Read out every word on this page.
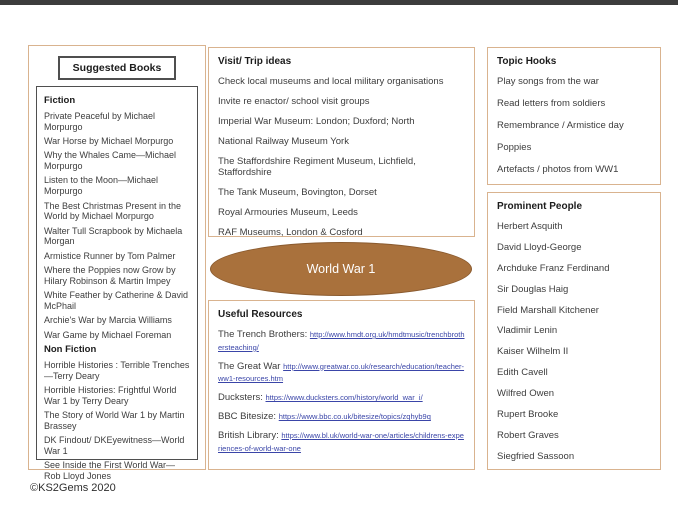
Suggested Books
Fiction
Private Peaceful by Michael Morpurgo
War Horse by Michael Morpurgo
Why the Whales Came—Michael Morpurgo
Listen to the Moon—Michael Morpurgo
The Best Christmas Present in the World by Michael Morpurgo
Walter Tull Scrapbook by Michaela Morgan
Armistice Runner by Tom Palmer
Where the Poppies now Grow by Hilary Robinson & Martin Impey
White Feather by Catherine & David McPhail
Archie's War by Marcia Williams
War Game by Michael Foreman
Non Fiction
Horrible Histories : Terrible Trenches—Terry Deary
Horrible Histories: Frightful World War 1 by Terry Deary
The Story of World War 1 by Martin Brassey
DK Findout/ DKEyewitness—World War 1
See Inside the First World War—Rob Lloyd Jones
Visit/ Trip ideas
Check local museums and local military organisations
Invite re enactor/ school visit groups
Imperial War Museum: London; Duxford; North
National Railway Museum York
The Staffordshire Regiment Museum, Lichfield, Staffordshire
The Tank Museum, Bovington, Dorset
Royal Armouries Museum, Leeds
RAF Museums, London & Cosford
World War 1
Useful Resources
The Trench Brothers: http://www.hmdt.org.uk/hmdtmusic/trenchbrothersteaching/
The Great War http://www.greatwar.co.uk/research/education/teacher-ww1-resources.htm
Ducksters: https://www.ducksters.com/history/world_war_i/
BBC Bitesize: https://www.bbc.co.uk/bitesize/topics/zqhyb9q
British Library: https://www.bl.uk/world-war-one/articles/childrens-experiences-of-world-war-one
Topic Hooks
Play songs from the war
Read letters from soldiers
Remembrance / Armistice day
Poppies
Artefacts / photos from WW1
Prominent People
Herbert Asquith
David Lloyd-George
Archduke Franz Ferdinand
Sir Douglas Haig
Field Marshall Kitchener
Vladimir Lenin
Kaiser Wilhelm II
Edith Cavell
Wilfred Owen
Rupert Brooke
Robert Graves
Siegfried Sassoon
©KS2Gems 2020
